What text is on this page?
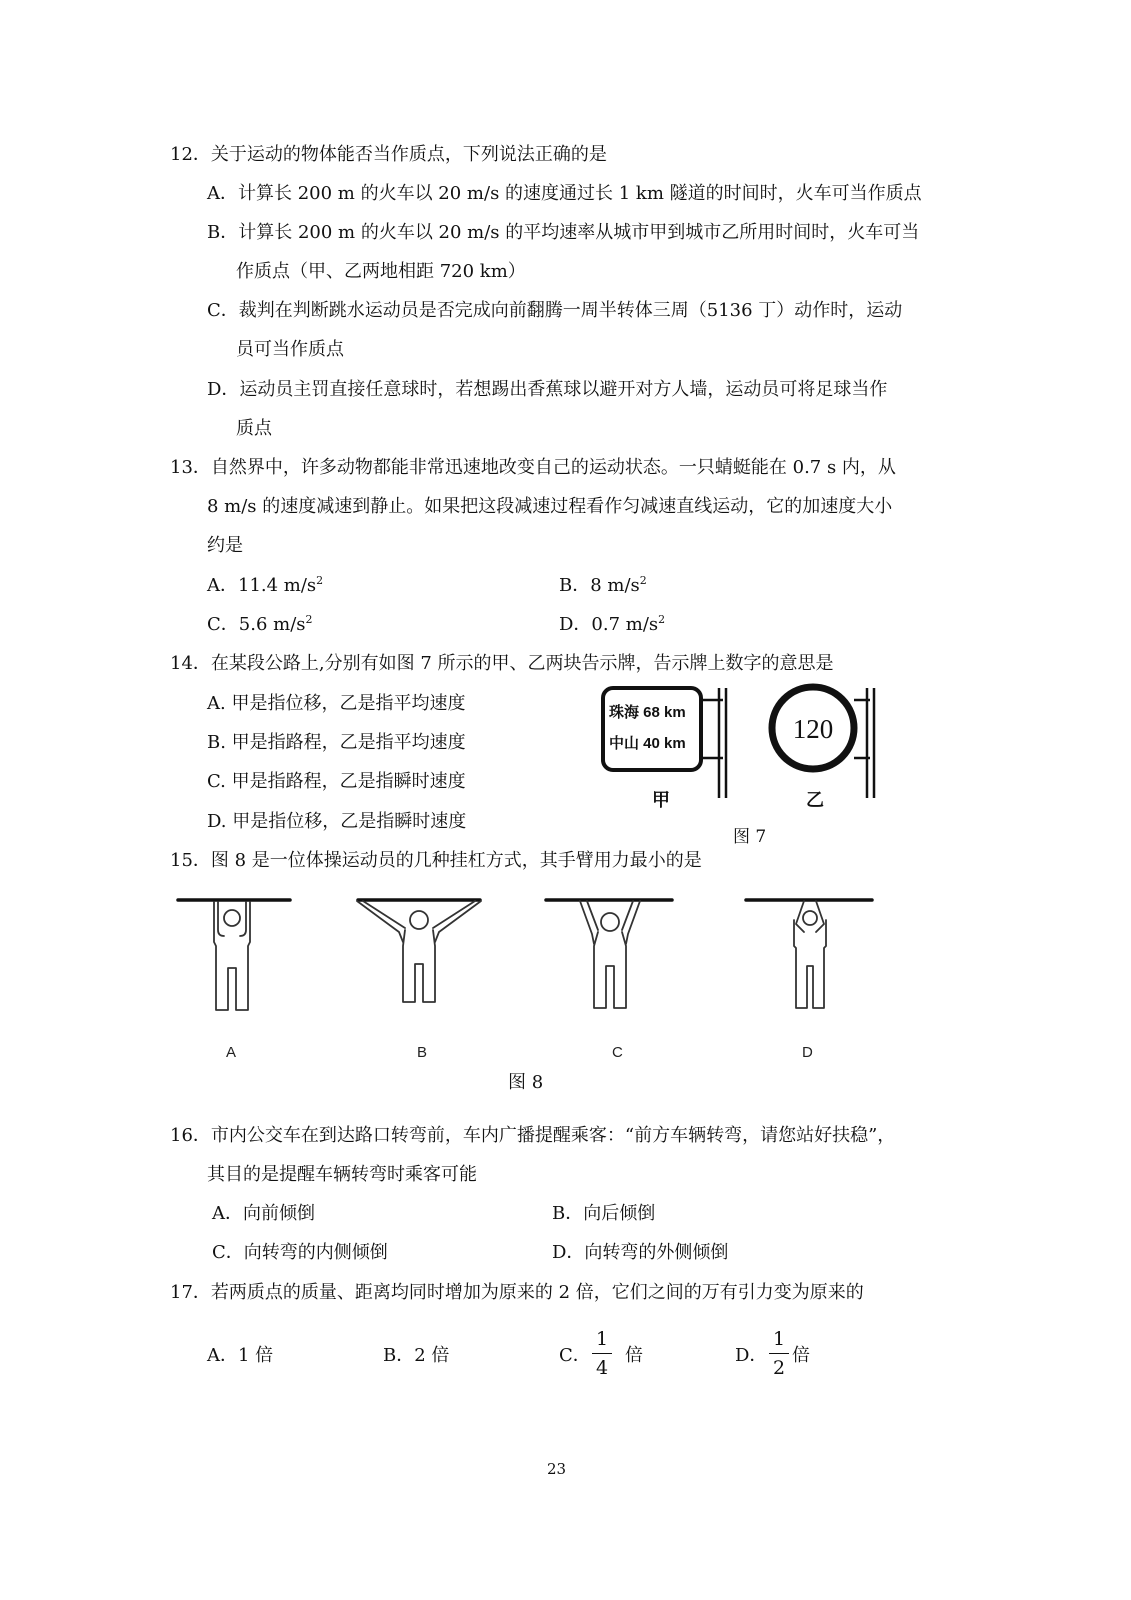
12．关于运动的物体能否当作质点，下列说法正确的是
A．计算长 200 m 的火车以 20 m/s 的速度通过长 1 km 隧道的时间时，火车可当作质点
B．计算长 200 m 的火车以 20 m/s 的平均速率从城市甲到城市乙所用时间时，火车可当
作质点（甲、乙两地相距 720 km）
C．裁判在判断跳水运动员是否完成向前翻腾一周半转体三周（5136 丁）动作时，运动
员可当作质点
D．运动员主罚直接任意球时，若想踢出香蕉球以避开对方人墙，运动员可将足球当作
质点
13．自然界中，许多动物都能非常迅速地改变自己的运动状态。一只蜻蜓能在 0.7 s 内，从
8 m/s 的速度减速到静止。如果把这段减速过程看作匀减速直线运动，它的加速度大小
约是
A．11.4 $m/s^2$	B．8 $m/s^2$
C．5.6 $m/s^2$	D．0.7 $m/s^2$
14．在某段公路上,分别有如图 7 所示的甲、乙两块告示牌，告示牌上数字的意思是
A. 甲是指位移，乙是指平均速度
B. 甲是指路程，乙是指平均速度
C. 甲是指路程，乙是指瞬时速度
D. 甲是指位移，乙是指瞬时速度
珠海 68 km
中山 40 km
甲
120
乙
图 7
15．图 8 是一位体操运动员的几种挂杠方式，其手臂用力最小的是
A	B	C	D
图 8
16．市内公交车在到达路口转弯前，车内广播提醒乘客：“前方车辆转弯，请您站好扶稳”，
其目的是提醒车辆转弯时乘客可能
A．向前倾倒	B．向后倾倒
C．向转弯的内侧倾倒	D．向转弯的外侧倾倒
17．若两质点的质量、距离均同时增加为原来的 2 倍，它们之间的万有引力变为原来的
A．1 倍	B．2 倍	C．
1
4
倍	D．
1
2
倍
23
